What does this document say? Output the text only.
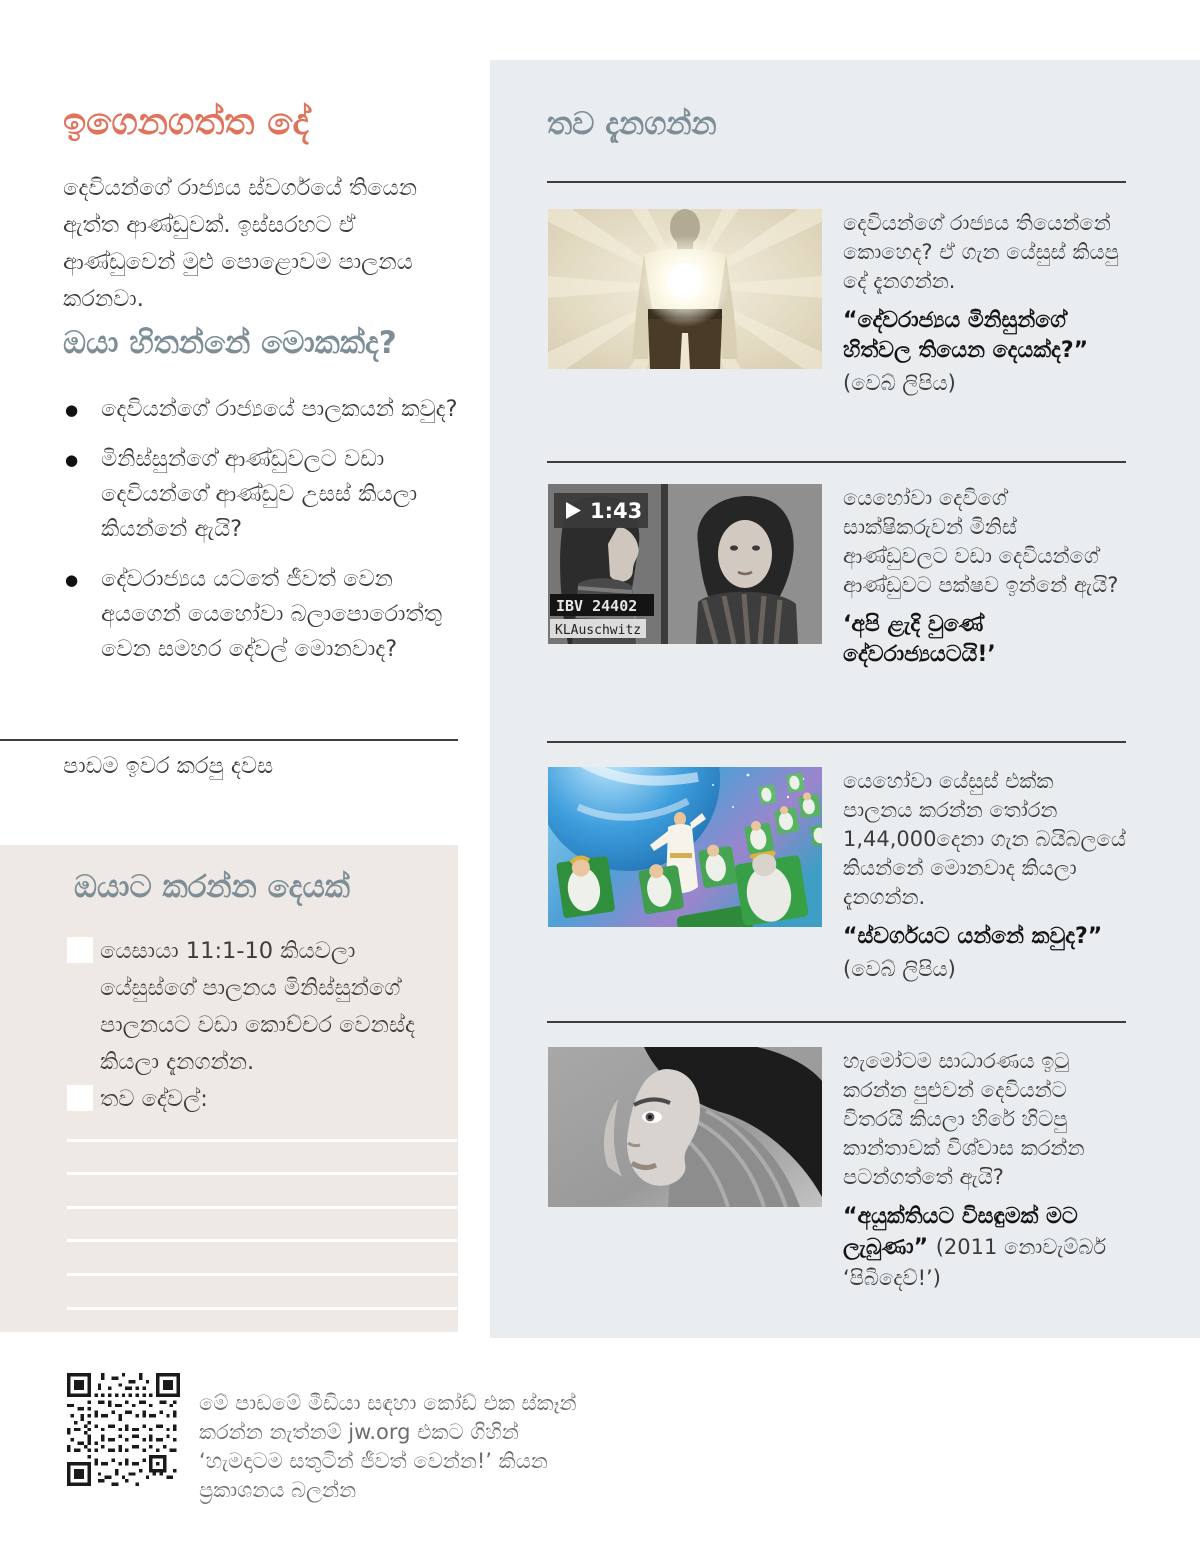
ඉගෙනගත්ත දේ
දෙවියන්ගේ රාජ්‍යය ස්වර්ගයේ තියෙන ඇත්ත ආණ්ඩුවක්. ඉස්සරහට ඒ ආණ්ඩුවෙන් මුළු පොළොවම පාලනය කරනවා.
ඔයා හිතන්නේ මොකක්ද?
● දෙවියන්ගේ රාජ්‍යයේ පාලකයන් කවුද?
● මිනිස්සුන්ගේ ආණ්ඩුවලට වඩා දෙවියන්ගේ ආණ්ඩුව උසස් කියලා කියන්නේ ඇයි?
● දේවරාජ්‍යය යටතේ ජීවත් වෙන අයගෙන් යෙහෝවා බලාපොරොත්තු වෙන සමහර දේවල් මොනවාද?
පාඩම ඉවර කරපු දවස
ඔයාට කරන්න දෙයක්
යෙසායා 11:1-10 කියවලා යේසුස්ගේ පාලනය මිනිස්සුන්ගේ පාලනයට වඩා කොච්චර වෙනස්ද කියලා දැනගන්න.
තව දේවල්:
මේ පාඩමේ මීඩියා සඳහා කෝඩ් එක ස්කෑන් කරන්න නැත්නම් jw.org එකට ගිහින් ‘හැමදාටම සතුටින් ජීවත් වෙන්න!’ කියන ප්‍රකාශනය බලන්න
තව දැනගන්න
දෙවියන්ගේ රාජ්‍යය තියෙන්නේ කොහෙද? ඒ ගැන යේසුස් කියපු දේ දැනගන්න.
“දේවරාජ්‍යය මිනිසුන්ගේ හිත්වල තියෙන දෙයක්ද?”
(වෙබ් ලිපිය)
IBV 24402
KLAuschwitz
1:43
යෙහෝවා දෙවිගේ සාක්ෂිකරුවන් මිනිස් ආණ්ඩුවලට වඩා දෙවියන්ගේ ආණ්ඩුවට පක්ෂව ඉන්නේ ඇයි?
‘අපි ළැදි වුණේ දේවරාජ්‍යයටයි!’
යෙහෝවා යේසුස් එක්ක පාලනය කරන්න තෝරන 1,44,000දෙනා ගැන බයිබලයේ කියන්නේ මොනවාද කියලා දැනගන්න.
“ස්වර්ගයට යන්නේ කවුද?”
(වෙබ් ලිපිය)
හැමෝටම සාධාරණය ඉටු කරන්න පුළුවන් දෙවියන්ට විතරයි කියලා හිරේ හිටපු කාන්තාවක් විශ්වාස කරන්න පටන්ගත්තේ ඇයි?
“අයුක්තියට විසඳුමක් මට ලැබුණා” (2011 නොවැම්බර් ‘පිබිදෙව්!’)
